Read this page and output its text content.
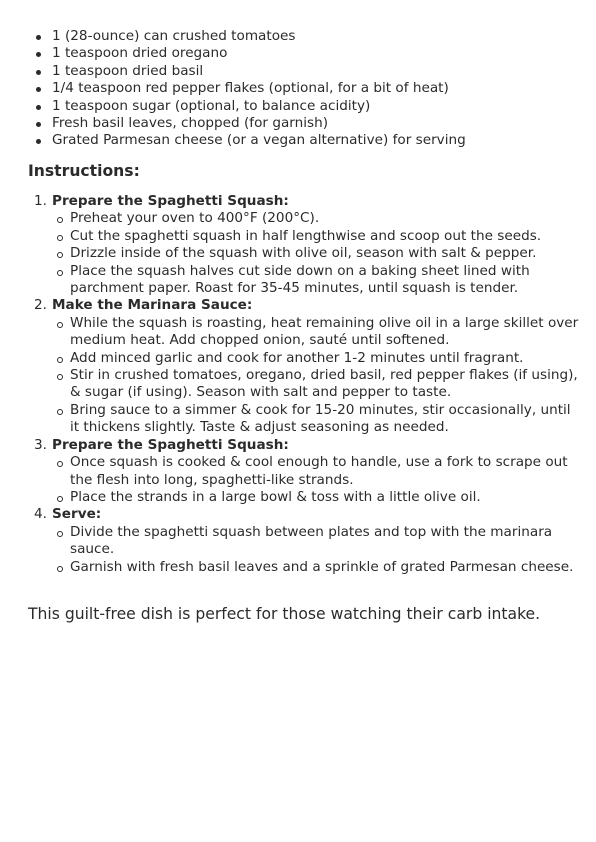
1 (28-ounce) can crushed tomatoes
1 teaspoon dried oregano
1 teaspoon dried basil
1/4 teaspoon red pepper flakes (optional, for a bit of heat)
1 teaspoon sugar (optional, to balance acidity)
Fresh basil leaves, chopped (for garnish)
Grated Parmesan cheese (or a vegan alternative) for serving
Instructions:
1. Prepare the Spaghetti Squash:
Preheat your oven to 400°F (200°C).
Cut the spaghetti squash in half lengthwise and scoop out the seeds.
Drizzle inside of the squash with olive oil, season with salt & pepper.
Place the squash halves cut side down on a baking sheet lined with parchment paper. Roast for 35-45 minutes, until squash is tender.
2. Make the Marinara Sauce:
While the squash is roasting, heat remaining olive oil in a large skillet over medium heat. Add chopped onion, sauté until softened.
Add minced garlic and cook for another 1-2 minutes until fragrant.
Stir in crushed tomatoes, oregano, dried basil, red pepper flakes (if using), & sugar (if using). Season with salt and pepper to taste.
Bring sauce to a simmer & cook for 15-20 minutes, stir occasionally, until it thickens slightly. Taste & adjust seasoning as needed.
3. Prepare the Spaghetti Squash:
Once squash is cooked & cool enough to handle, use a fork to scrape out the flesh into long, spaghetti-like strands.
Place the strands in a large bowl & toss with a little olive oil.
4. Serve:
Divide the spaghetti squash between plates and top with the marinara sauce.
Garnish with fresh basil leaves and a sprinkle of grated Parmesan cheese.

This guilt-free dish is perfect for those watching their carb intake.
